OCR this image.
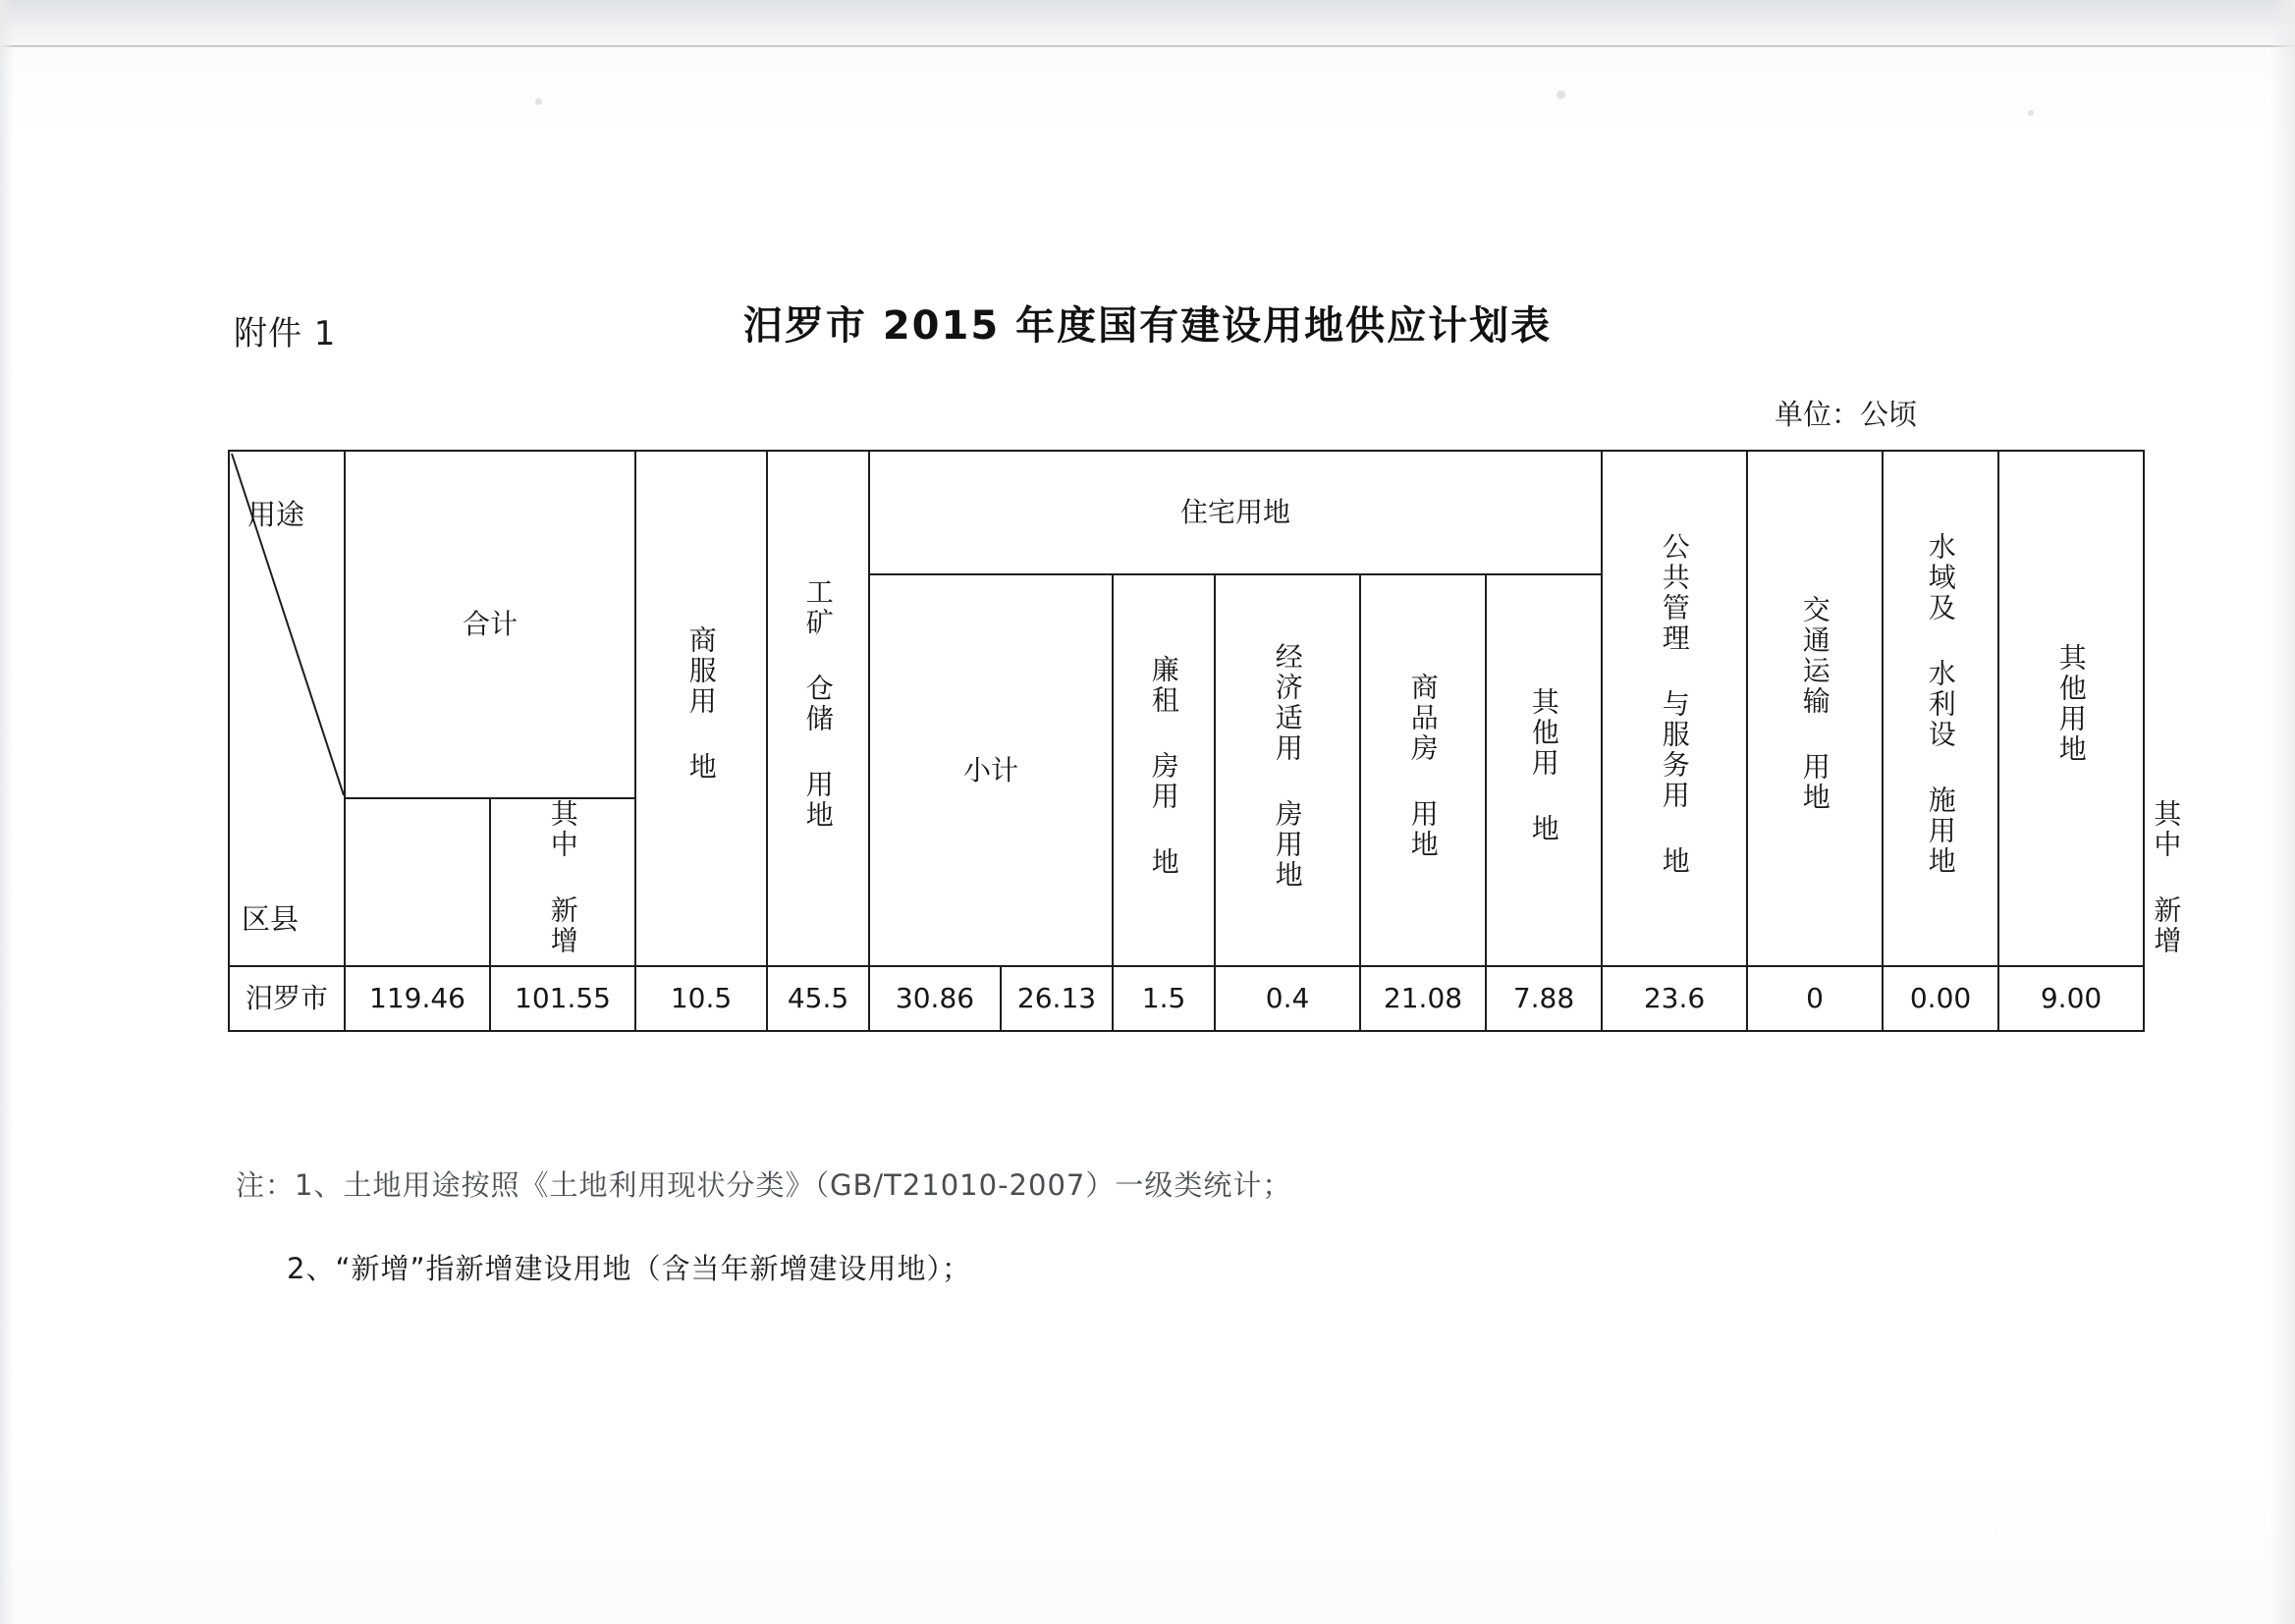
附件 1	汨罗市 2015 年度国有建设用地供应计划表
单位：公顷
用途
区县	合计		商服用 地	工矿 仓储 用地	住宅用地						公共管理 与服务用 地	交通运输 用地	水域及 水利设 施用地	其他用地	
					小计		廉租 房用 地	经济适用 房用地	商品房 用地	其他用 地					
		其中 新增													其中 新增
汨罗市	119.46	101.55	10.5	45.5	30.86	26.13	1.5	0.4	21.08	7.88	23.6	0	0.00	9.00	
注：1、土地用途按照《土地利用现状分类》（GB/T21010-2007）一级类统计；
2、“新增”指新增建设用地（含当年新增建设用地）；
